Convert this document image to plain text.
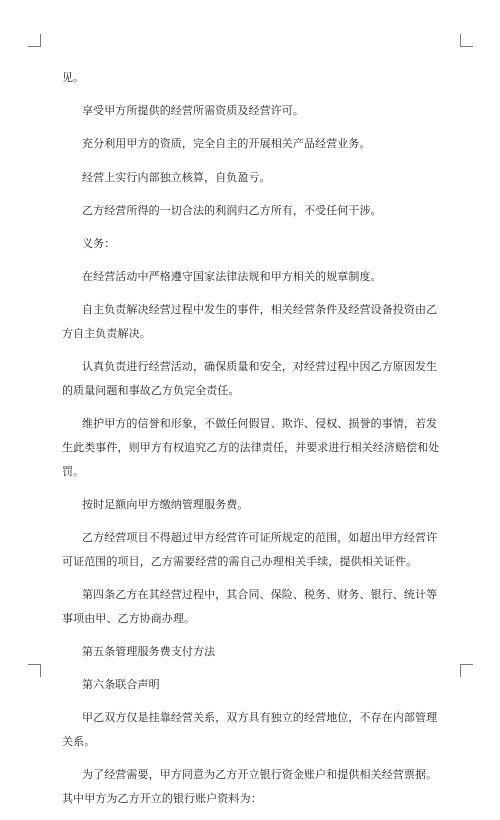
见。

享受甲方所提供的经营所需资质及经营许可。

充分利用甲方的资质，完全自主的开展相关产品经营业务。

经营上实行内部独立核算，自负盈亏。

乙方经营所得的一切合法的利润归乙方所有，不受任何干涉。

义务：

在经营活动中严格遵守国家法律法规和甲方相关的规章制度。

自主负责解决经营过程中发生的事件，相关经营条件及经营设备投资由乙方自主负责解决。

认真负责进行经营活动，确保质量和安全，对经营过程中因乙方原因发生的质量问题和事故乙方负完全责任。

维护甲方的信誉和形象，不做任何假冒、欺诈、侵权、损誉的事情，若发生此类事件，则甲方有权追究乙方的法律责任，并要求进行相关经济赔偿和处罚。

按时足额向甲方缴纳管理服务费。

乙方经营项目不得超过甲方经营许可证所规定的范围，如超出甲方经营许可证范围的项目，乙方需要经营的需自己办理相关手续，提供相关证件。

第四条乙方在其经营过程中，其合同、保险、税务、财务、银行、统计等事项由甲、乙方协商办理。

第五条管理服务费支付方法

第六条联合声明

甲乙双方仅是挂靠经营关系，双方具有独立的经营地位，不存在内部管理关系。

为了经营需要，甲方同意为乙方开立银行资金账户和提供相关经营票据。其中甲方为乙方开立的银行账户资料为：
